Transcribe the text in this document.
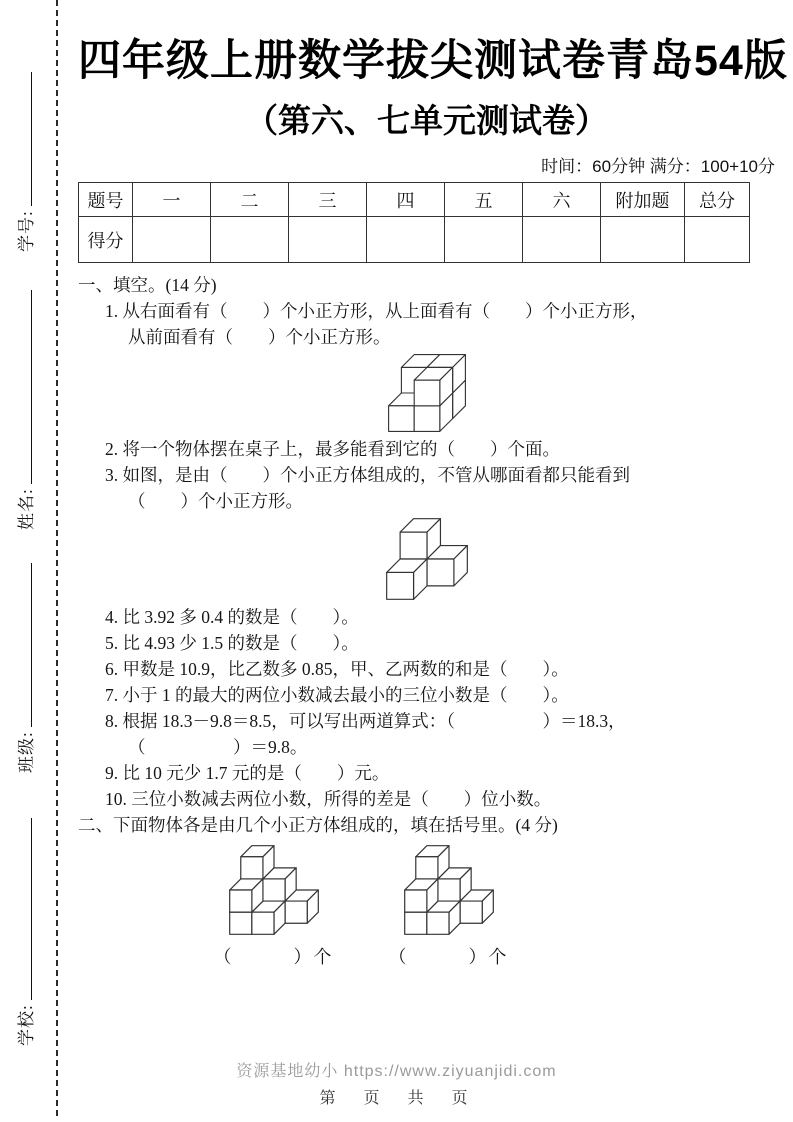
学号:
姓名:
班级:
学校:
四年级上册数学拔尖测试卷青岛54版
（第六、七单元测试卷）
时间：60分钟 满分：100+10分
题号	一	二	三	四	五	六	附加题	总分
得分								
一、填空。(14 分)
1. 从右面看有（　　）个小正方形，从上面看有（　　）个小正方形，
从前面看有（　　）个小正方形。
2. 将一个物体摆在桌子上，最多能看到它的（　　）个面。
3. 如图，是由（　　）个小正方体组成的，不管从哪面看都只能看到
（　　）个小正方形。
4. 比 3.92 多 0.4 的数是（　　）。
5. 比 4.93 少 1.5 的数是（　　）。
6. 甲数是 10.9，比乙数多 0.85，甲、乙两数的和是（　　）。
7. 小于 1 的最大的两位小数减去最小的三位小数是（　　）。
8. 根据 18.3－9.8＝8.5，可以写出两道算式：（　　　　　）＝18.3，
（　　　　　）＝9.8。
9. 比 10 元少 1.7 元的是（　　）元。
10. 三位小数减去两位小数，所得的差是（　　）位小数。
二、下面物体各是由几个小正方体组成的，填在括号里。(4 分)
（　　　）个	（　　　）个
资源基地幼小 https://www.ziyuanjidi.com
第　页　共　页
